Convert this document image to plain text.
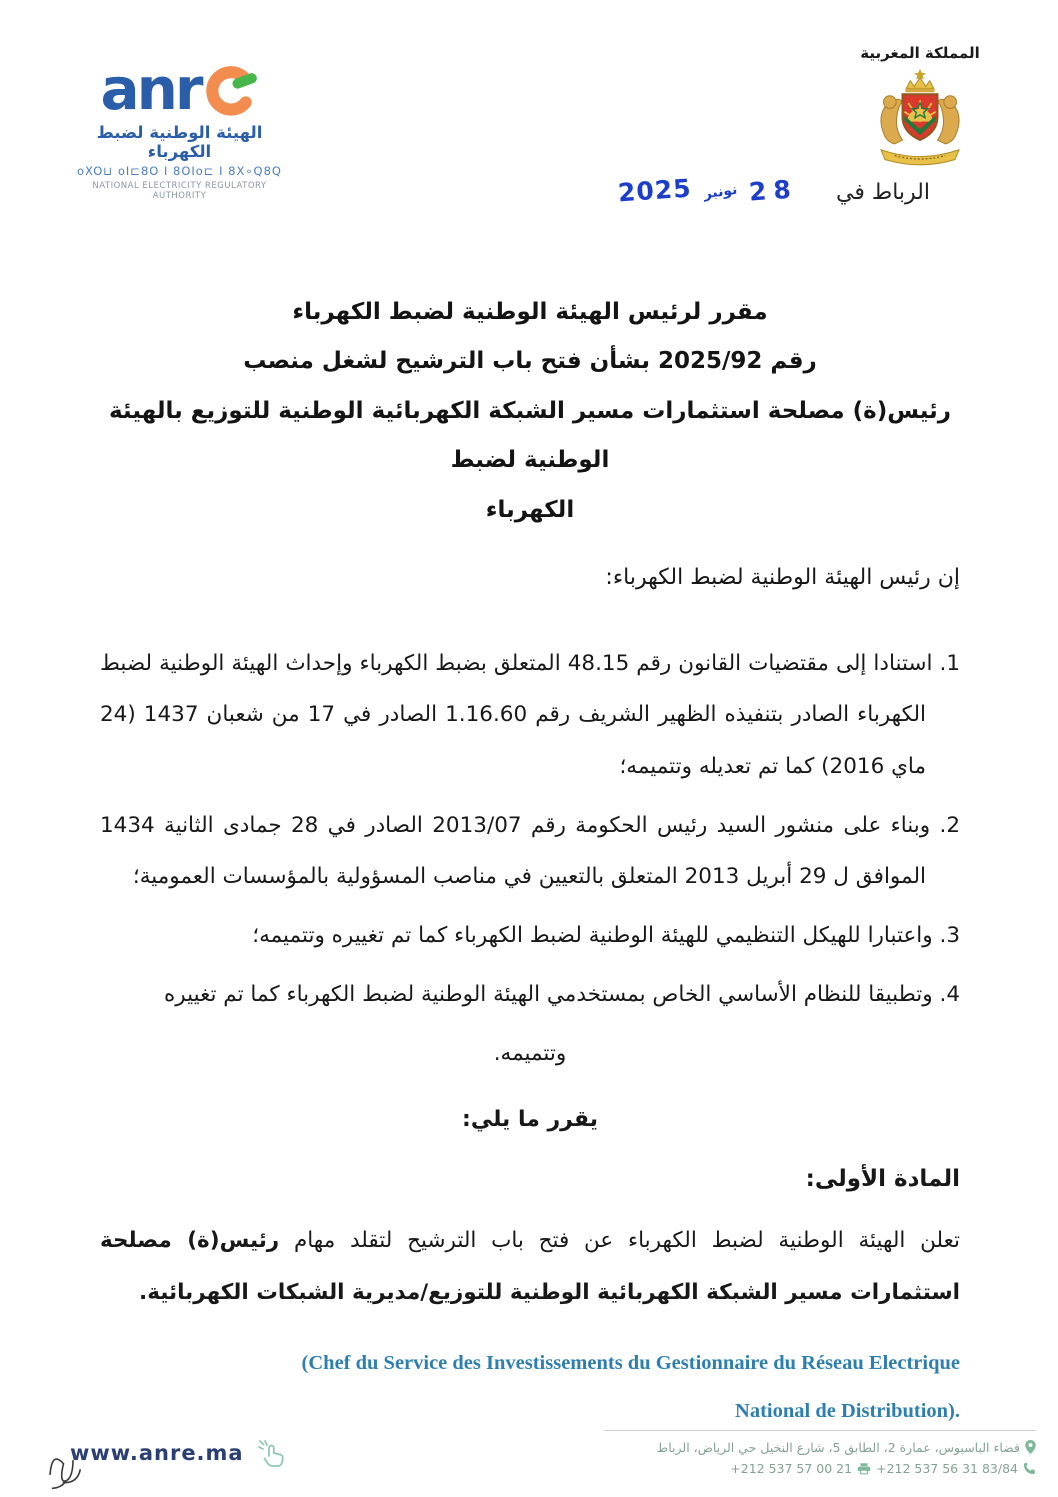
anr
الهيئة الوطنية لضبط الكهرباء
oXO⊔ oI⊏8O I 8OIo⊏ I 8X∘Q8Q
NATIONAL ELECTRICITY REGULATORY AUTHORITY
المملكة المغربية
2025 نونبر 28 الرباط في
مقرر لرئيس الهيئة الوطنية لضبط الكهرباء
رقم 2025/92 بشأن فتح باب الترشيح لشغل منصب
رئيس(ة) مصلحة استثمارات مسير الشبكة الكهربائية الوطنية للتوزيع بالهيئة الوطنية لضبط
الكهرباء

إن رئيس الهيئة الوطنية لضبط الكهرباء:

1. استنادا إلى مقتضيات القانون رقم 48.15 المتعلق بضبط الكهرباء وإحداث الهيئة الوطنية لضبط الكهرباء الصادر بتنفيذه الظهير الشريف رقم 1.16.60 الصادر في 17 من شعبان 1437 (24 ماي 2016) كما تم تعديله وتتميمه؛

2. وبناء على منشور السيد رئيس الحكومة رقم 2013/07 الصادر في 28 جمادى الثانية 1434 الموافق ل 29 أبريل 2013 المتعلق بالتعيين في مناصب المسؤولية بالمؤسسات العمومية؛

3. واعتبارا للهيكل التنظيمي للهيئة الوطنية لضبط الكهرباء كما تم تغييره وتتميمه؛

4. وتطبيقا للنظام الأساسي الخاص بمستخدمي الهيئة الوطنية لضبط الكهرباء كما تم تغييره

وتتميمه.

يقرر ما يلي:

المادة الأولى:

تعلن الهيئة الوطنية لضبط الكهرباء عن فتح باب الترشيح لتقلد مهام رئيس(ة) مصلحة استثمارات مسير الشبكة الكهربائية الوطنية للتوزيع/مديرية الشبكات الكهربائية.

(Chef du Service des Investissements du Gestionnaire du Réseau Electrique
National de Distribution).
www.anre.ma	فضاء الباسيوس، عمارة 2، الطابق 5، شارع النخيل حي الرياض، الرباط
+212 537 56 31 83/84
+212 537 57 00 21
